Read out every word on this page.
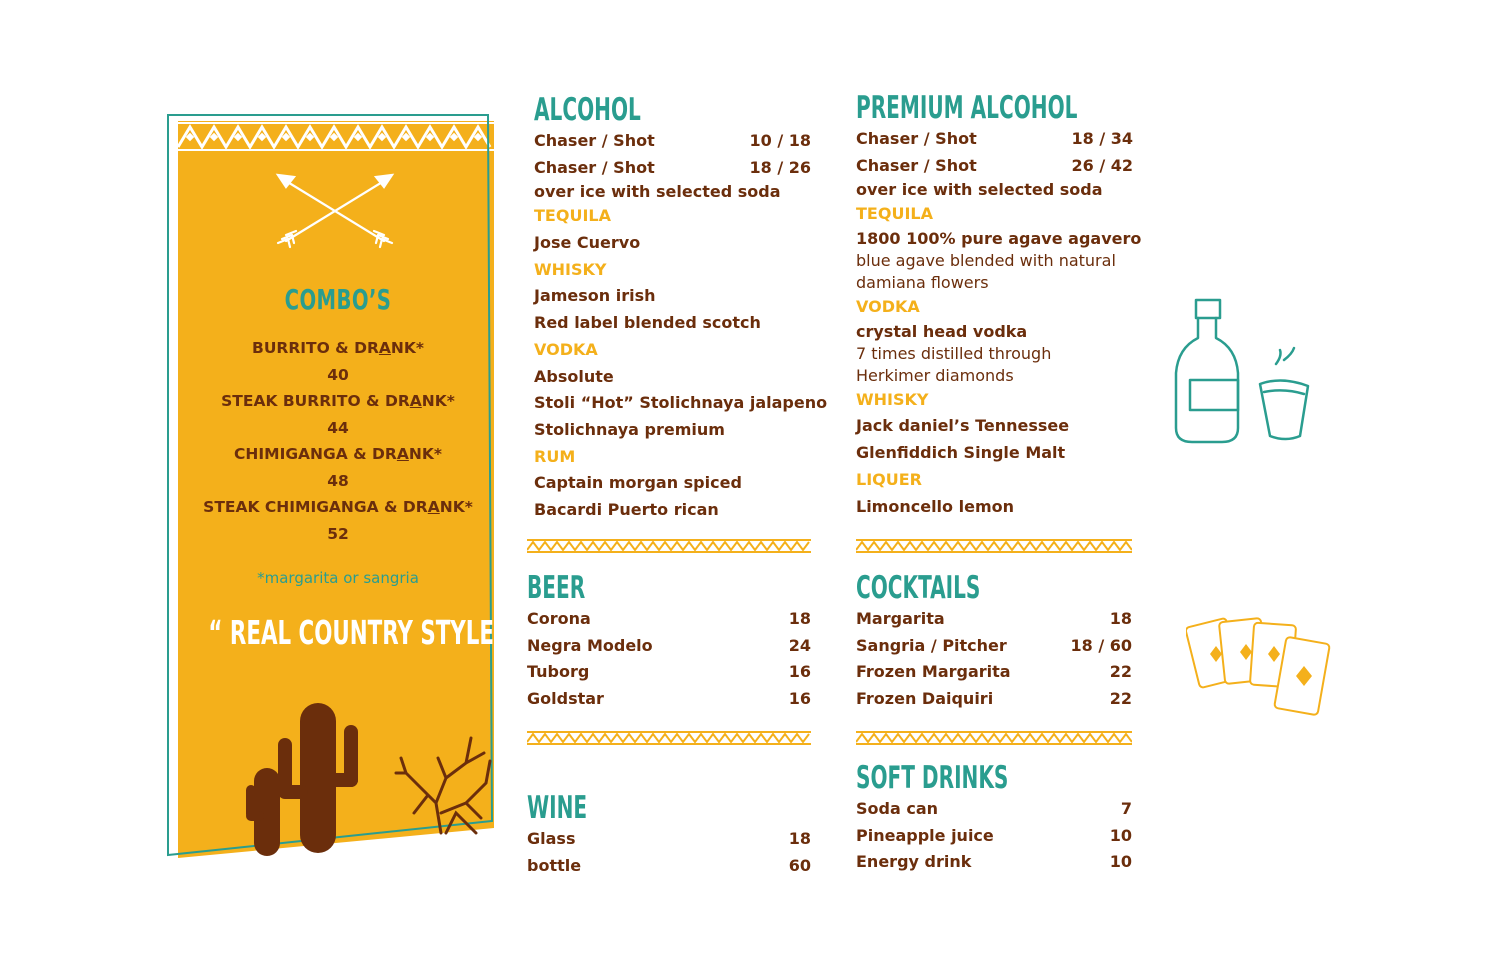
COMBO’S
BURRITO & DRANK*
40
STEAK BURRITO & DRANK*
44
CHIMIGANGA & DRANK*
48
STEAK CHIMIGANGA & DRANK*
52
*margarita or sangria
“ REAL COUNTRY STYLE ”
ALCOHOL
Chaser / Shot	10 / 18
Chaser / Shot	18 / 26
over ice with selected soda
TEQUILA
Jose Cuervo
WHISKY
Jameson irish
Red label blended scotch
VODKA
Absolute
Stoli “Hot” Stolichnaya jalapeno
Stolichnaya premium
RUM
Captain morgan spiced
Bacardi Puerto rican
PREMIUM ALCOHOL
Chaser / Shot	18 / 34
Chaser / Shot	26 / 42
over ice with selected soda
TEQUILA
1800 100% pure agave agavero
blue agave blended with natural
damiana flowers
VODKA
crystal head vodka
7 times distilled through
Herkimer diamonds
WHISKY
Jack daniel’s Tennessee
Glenfiddich Single Malt
LIQUER
Limoncello lemon
BEER
Corona	18
Negra Modelo	24
Tuborg	16
Goldstar	16
COCKTAILS
Margarita	18
Sangria / Pitcher	18 / 60
Frozen Margarita	22
Frozen Daiquiri	22
WINE
Glass	18
bottle	60
SOFT DRINKS
Soda can	7
Pineapple juice	10
Energy drink	10
